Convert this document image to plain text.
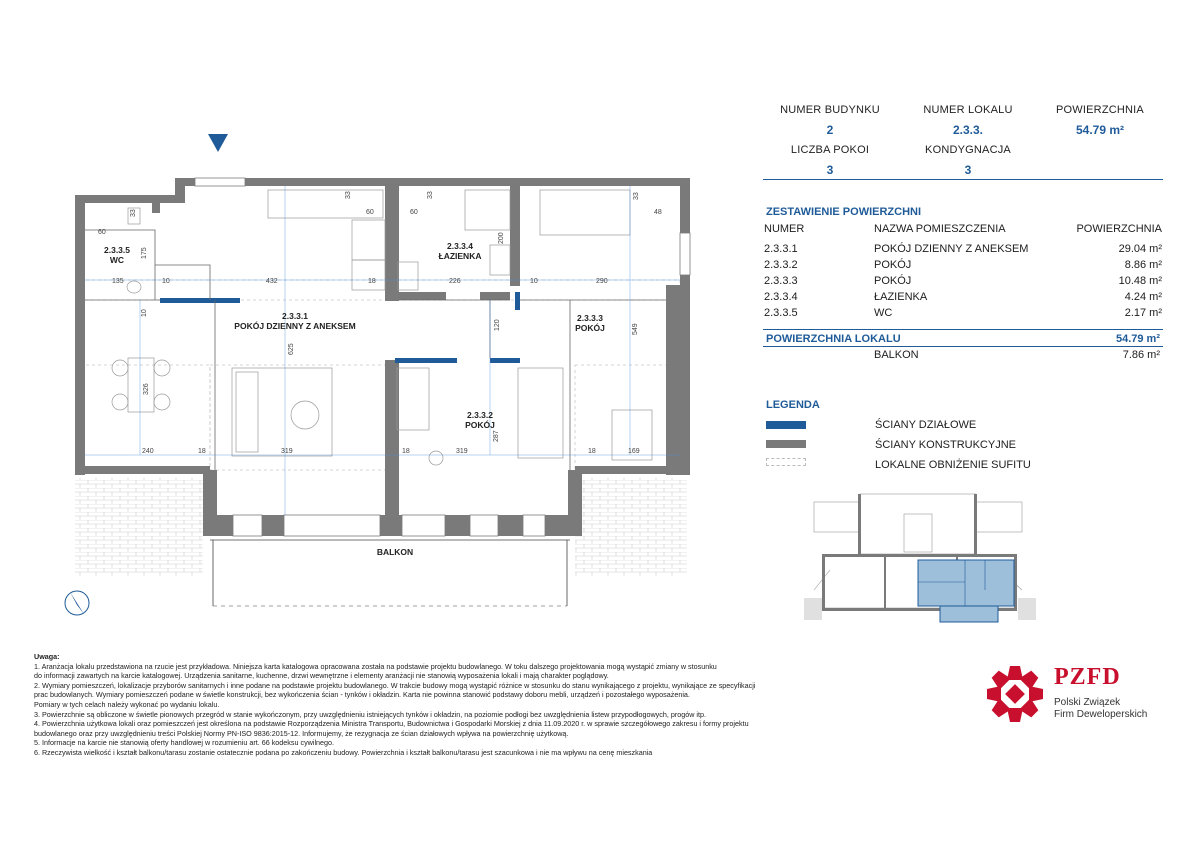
60
33
175
135	10	432	18	226	10	290
60	60
33	33
200
33
48
10
625
120	549
326
287
240	18	319	18	319	18	169
2.3.3.5
WC
2.3.3.4
ŁAZIENKA
2.3.3.1
POKÓJ DZIENNY Z ANEKSEM
2.3.3.3
POKÓJ
2.3.3.2
POKÓJ
BALKON
NUMER BUDYNKU
2
NUMER LOKALU
2.3.3.
POWIERZCHNIA
54.79 m²
LICZBA POKOI
3
KONDYGNACJA
3
ZESTAWIENIE POWIERZCHNI
NUMER	NAZWA POMIESZCZENIA	POWIERZCHNIA

2.3.3.1	POKÓJ DZIENNY Z ANEKSEM	29.04 m²
2.3.3.2	POKÓJ	8.86 m²
2.3.3.3	POKÓJ	10.48 m²
2.3.3.4	ŁAZIENKA	4.24 m²
2.3.3.5	WC	2.17 m²
POWIERZCHNIA LOKALU	54.79 m²
BALKON	7.86 m²
LEGENDA
ŚCIANY DZIAŁOWE
ŚCIANY KONSTRUKCYJNE
LOKALNE OBNIŻENIE SUFITU
Uwaga:
1. Aranżacja lokalu przedstawiona na rzucie jest przykładowa. Niniejsza karta katalogowa opracowana została na podstawie projektu budowlanego. W toku dalszego projektowania mogą wystąpić zmiany w stosunku
do informacji zawartych na karcie katalogowej. Urządzenia sanitarne, kuchenne, drzwi wewnętrzne i elementy aranżacji nie stanowią wyposażenia lokali i mają charakter poglądowy.
2. Wymiary pomieszczeń, lokalizacje przyborów sanitarnych i inne podane na podstawie projektu budowlanego. W trakcie budowy mogą wystąpić różnice w stosunku do stanu wynikającego z projektu, wynikające ze specyfikacji
prac budowlanych. Wymiary pomieszczeń podane w świetle konstrukcji, bez wykończenia ścian - tynków i okładzin. Karta nie powinna stanowić podstawy doboru mebli, urządzeń i pozostałego wyposażenia.
Pomiary w tych celach należy wykonać po wydaniu lokalu.
3. Powierzchnie są obliczone w świetle pionowych przegród w stanie wykończonym, przy uwzględnieniu istniejących tynków i okładzin, na poziomie podłogi bez uwzględnienia listew przypodłogowych, progów itp.
4. Powierzchnia użytkowa lokali oraz pomieszczeń jest określona na podstawie Rozporządzenia Ministra Transportu, Budownictwa i Gospodarki Morskiej z dnia 11.09.2020 r. w sprawie szczegółowego zakresu i formy projektu
budowlanego oraz przy uwzględnieniu treści Polskiej Normy PN-ISO 9836:2015-12. Informujemy, że rezygnacja ze ścian działowych wpływa na powierzchnię użytkową.
5. Informacje na karcie nie stanowią oferty handlowej w rozumieniu art. 66 kodeksu cywilnego.
6. Rzeczywista wielkość i kształt balkonu/tarasu zostanie ostatecznie podana po zakończeniu budowy. Powierzchnia i kształt balkonu/tarasu jest szacunkowa i nie ma wpływu na cenę mieszkania
PZFD
Polski Związek
Firm Deweloperskich
